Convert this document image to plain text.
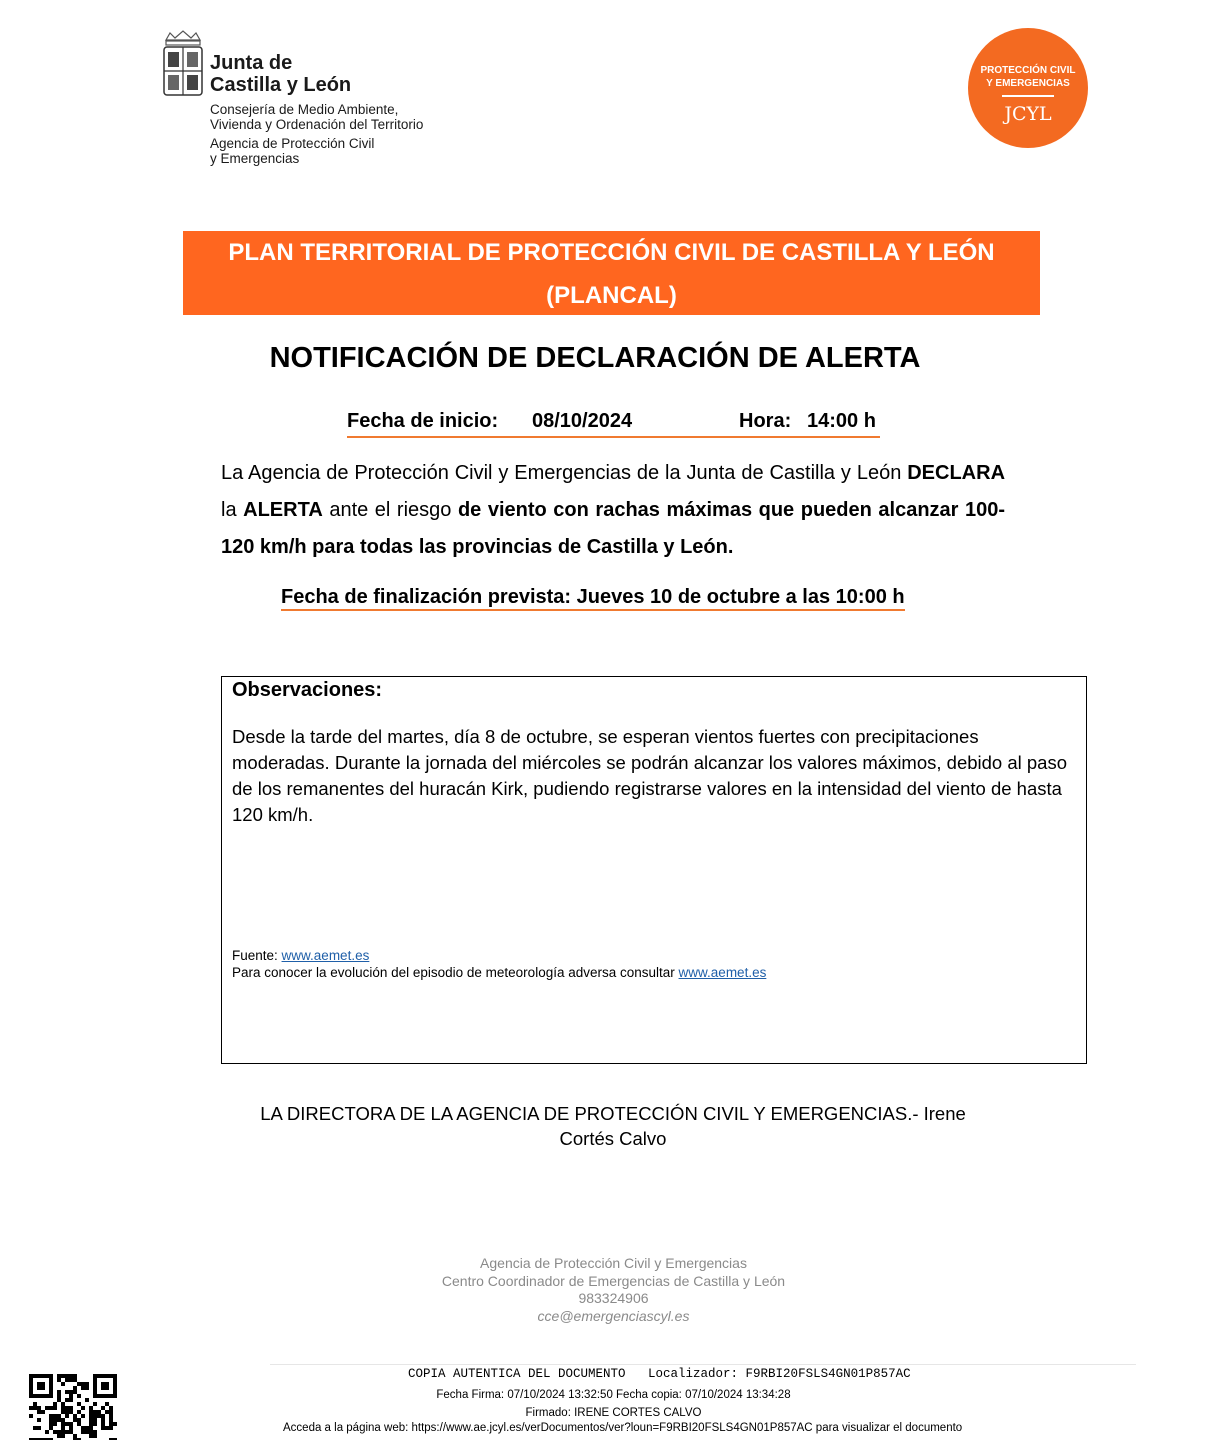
Junta de
Castilla y León
Consejería de Medio Ambiente,
Vivienda y Ordenación del Territorio
Agencia de Protección Civil
y Emergencias
PROTECCIÓN CIVIL
Y EMERGENCIAS
JCYL
PLAN TERRITORIAL DE PROTECCIÓN CIVIL DE CASTILLA Y LEÓN
(PLANCAL)
NOTIFICACIÓN DE DECLARACIÓN DE ALERTA
Fecha de inicio: 08/10/2024	Hora: 14:00 h
La Agencia de Protección Civil y Emergencias de la Junta de Castilla y León DECLARA la ALERTA ante el riesgo de viento con rachas máximas que pueden alcanzar 100-120 km/h para todas las provincias de Castilla y León.
Fecha de finalización prevista: Jueves 10 de octubre a las 10:00 h
Observaciones:
Desde la tarde del martes, día 8 de octubre, se esperan vientos fuertes con precipitaciones moderadas. Durante la jornada del miércoles se podrán alcanzar los valores máximos, debido al paso de los remanentes del huracán Kirk, pudiendo registrarse valores en la intensidad del viento de hasta 120 km/h.
Fuente: www.aemet.es
Para conocer la evolución del episodio de meteorología adversa consultar www.aemet.es
LA DIRECTORA DE LA AGENCIA DE PROTECCIÓN CIVIL Y EMERGENCIAS.- Irene
Cortés Calvo
Agencia de Protección Civil y Emergencias
Centro Coordinador de Emergencias de Castilla y León
983324906
cce@emergenciascyl.es
COPIA AUTENTICA DEL DOCUMENTO   Localizador: F9RBI20FSLS4GN01P857AC
Fecha Firma: 07/10/2024 13:32:50 Fecha copia: 07/10/2024 13:34:28
Firmado: IRENE CORTES CALVO
Acceda a la página web: https://www.ae.jcyl.es/verDocumentos/ver?loun=F9RBI20FSLS4GN01P857AC para visualizar el documento
